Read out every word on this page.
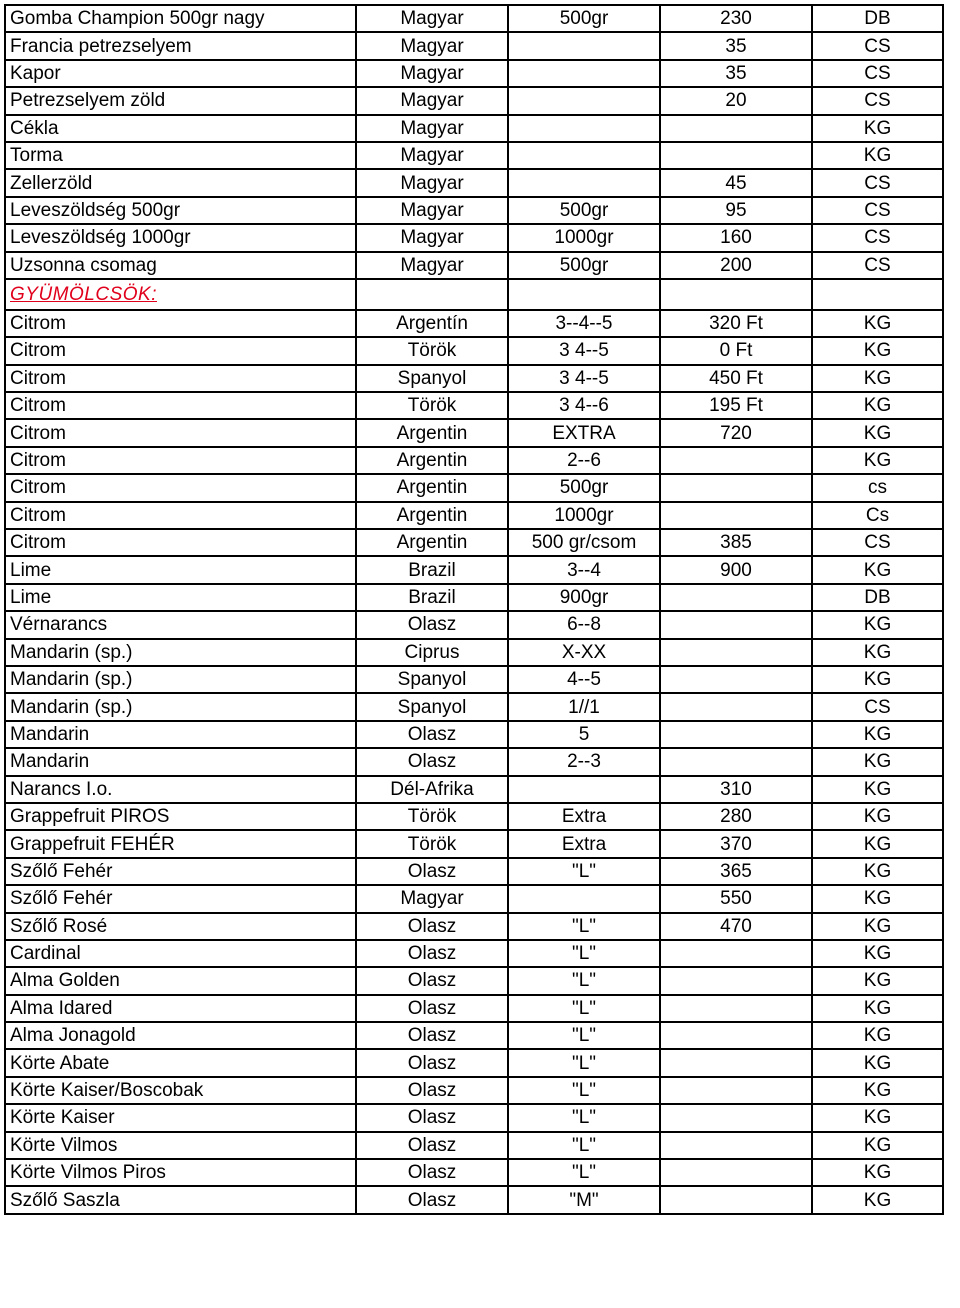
Gomba Champion 500gr nagy	Magyar	500gr	230	DB
Francia petrezselyem	Magyar		35	CS
Kapor	Magyar		35	CS
Petrezselyem zöld	Magyar		20	CS
Cékla	Magyar			KG
Torma	Magyar			KG
Zellerzöld	Magyar		45	CS
Leveszöldség 500gr	Magyar	500gr	95	CS
Leveszöldség 1000gr	Magyar	1000gr	160	CS
Uzsonna csomag	Magyar	500gr	200	CS
GYÜMÖLCSÖK:				
Citrom	Argentín	3--4--5	320 Ft	KG
Citrom	Török	3 4--5	0 Ft	KG
Citrom	Spanyol	3 4--5	450 Ft	KG
Citrom	Török	3 4--6	195 Ft	KG
Citrom	Argentin	EXTRA	720	KG
Citrom	Argentin	2--6		KG
Citrom	Argentin	500gr		cs
Citrom	Argentin	1000gr		Cs
Citrom	Argentin	500 gr/csom	385	CS
Lime	Brazil	3--4	900	KG
Lime	Brazil	900gr		DB
Vérnarancs	Olasz	6--8		KG
Mandarin (sp.)	Ciprus	X-XX		KG
Mandarin (sp.)	Spanyol	4--5		KG
Mandarin (sp.)	Spanyol	1//1		CS
Mandarin	Olasz	5		KG
Mandarin	Olasz	2--3		KG
Narancs I.o.	Dél-Afrika		310	KG
Grappefruit PIROS	Török	Extra	280	KG
Grappefruit FEHÉR	Török	Extra	370	KG
Szőlő Fehér	Olasz	"L"	365	KG
Szőlő Fehér	Magyar		550	KG
Szőlő Rosé	Olasz	"L"	470	KG
Cardinal	Olasz	"L"		KG
Alma Golden	Olasz	"L"		KG
Alma Idared	Olasz	"L"		KG
Alma Jonagold	Olasz	"L"		KG
Körte Abate	Olasz	"L"		KG
Körte Kaiser/Boscobak	Olasz	"L"		KG
Körte Kaiser	Olasz	"L"		KG
Körte Vilmos	Olasz	"L"		KG
Körte Vilmos Piros	Olasz	"L"		KG
Szőlő Saszla	Olasz	"M"		KG
